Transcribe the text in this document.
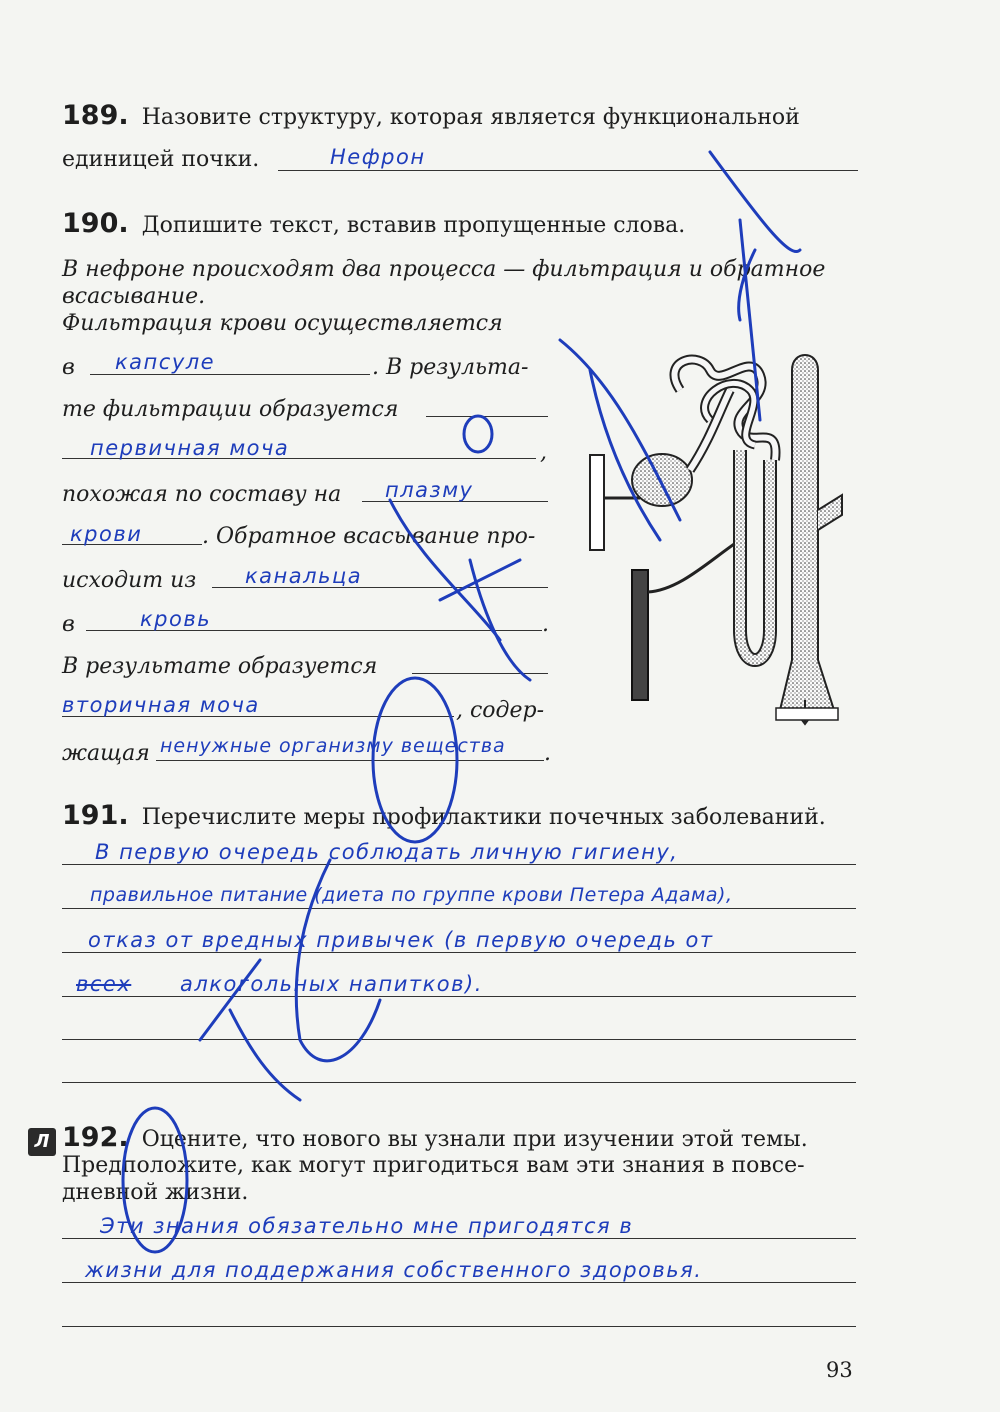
189. Назовите структуру, которая является функциональной
единицей почки.	Нефрон
190. Допишите текст, вставив пропущенные слова.
В нефроне происходят два процесса — фильтрация и обратное
всасывание.
Фильтрация крови осуществляется
в капсуле	. В результа-
те фильтрации образуется
первичная моча	,
похожая по составу на плазму
крови	. Обратное всасывание про-
исходит из канальца
в	кровь	.
В результате образуется
вторичная моча	, содер-
жащая ненужные организму вещества .
191. Перечислите меры профилактики почечных заболеваний.
В первую очередь соблюдать личную гигиену,
правильное питание (диета по группе крови Петера Адама),
отказ от вредных привычек (в первую очередь от
всех алкогольных напитков).
Л 192. Оцените, что нового вы узнали при изучении этой темы.
Предположите, как могут пригодиться вам эти знания в повсе-
дневной жизни.
Эти знания обязательно мне пригодятся в
жизни для поддержания собственного здоровья.
93
